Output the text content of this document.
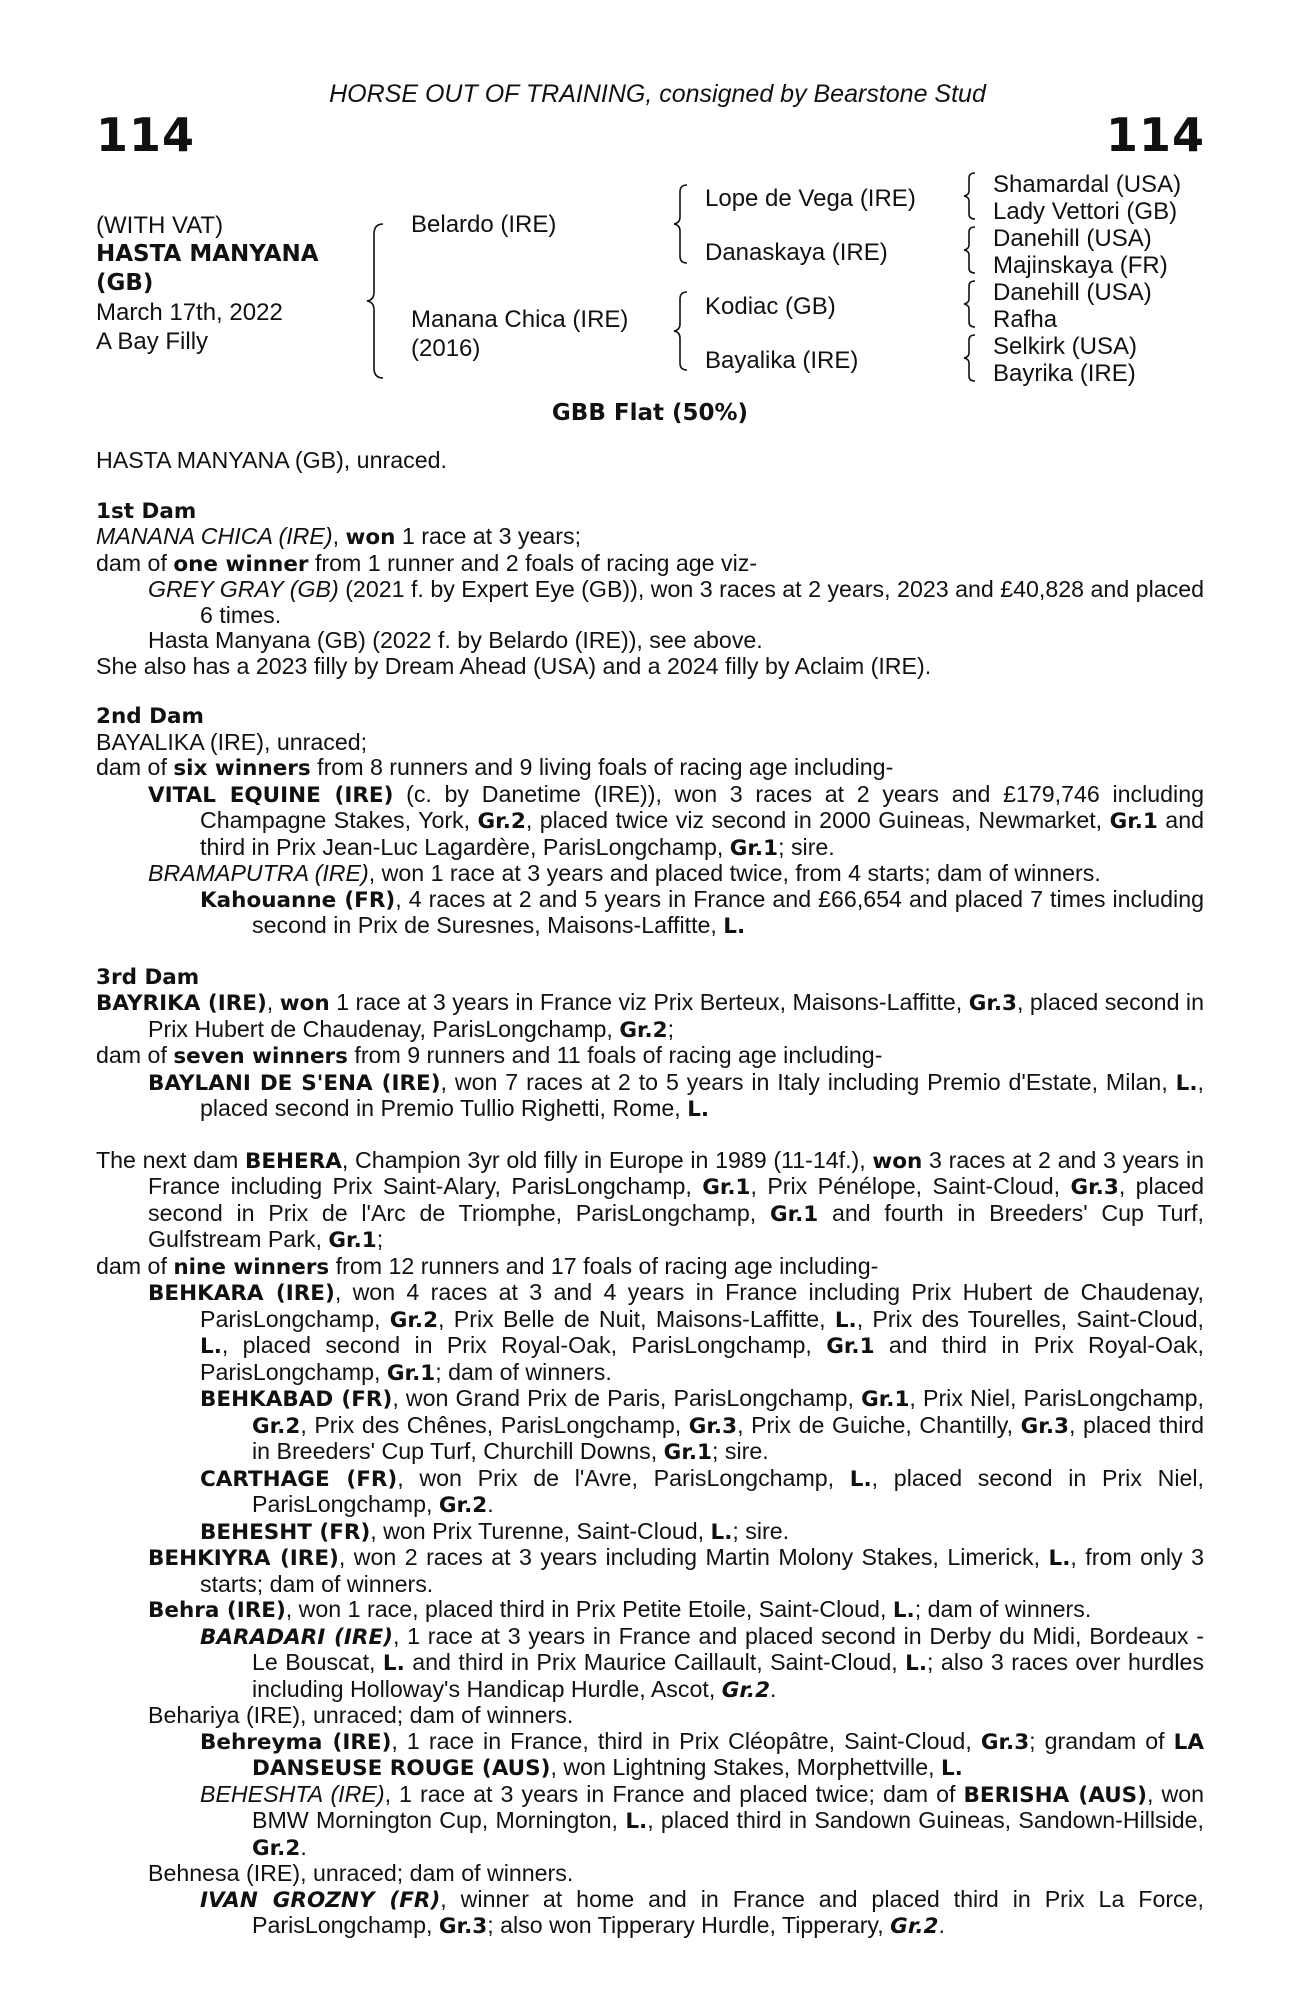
HORSE OUT OF TRAINING, consigned by Bearstone Stud
114	114
(WITH VAT)
HASTA MANYANA
(GB)
March 17th, 2022
A Bay Filly
Belardo (IRE)
Manana Chica (IRE)
(2016)
Lope de Vega (IRE)
Danaskaya (IRE)
Kodiac (GB)
Bayalika (IRE)
Shamardal (USA)
Lady Vettori (GB)
Danehill (USA)
Majinskaya (FR)
Danehill (USA)
Rafha
Selkirk (USA)
Bayrika (IRE)
GBB Flat (50%)

HASTA MANYANA (GB), unraced.

1st Dam

MANANA CHICA (IRE), won 1 race at 3 years;

dam of one winner from 1 runner and 2 foals of racing age viz-

GREY GRAY (GB) (2021 f. by Expert Eye (GB)), won 3 races at 2 years, 2023 and £40,828 and placed 6 times.

Hasta Manyana (GB) (2022 f. by Belardo (IRE)), see above.

She also has a 2023 filly by Dream Ahead (USA) and a 2024 filly by Aclaim (IRE).

2nd Dam

BAYALIKA (IRE), unraced;

dam of six winners from 8 runners and 9 living foals of racing age including-

VITAL EQUINE (IRE) (c. by Danetime (IRE)), won 3 races at 2 years and £179,746 including Champagne Stakes, York, Gr.2, placed twice viz second in 2000 Guineas, Newmarket, Gr.1 and third in Prix Jean-Luc Lagardère, ParisLongchamp, Gr.1; sire.

BRAMAPUTRA (IRE), won 1 race at 3 years and placed twice, from 4 starts; dam of winners.

Kahouanne (FR), 4 races at 2 and 5 years in France and £66,654 and placed 7 times including second in Prix de Suresnes, Maisons-Laffitte, L.

3rd Dam

BAYRIKA (IRE), won 1 race at 3 years in France viz Prix Berteux, Maisons-Laffitte, Gr.3, placed second in Prix Hubert de Chaudenay, ParisLongchamp, Gr.2;

dam of seven winners from 9 runners and 11 foals of racing age including-

BAYLANI DE S'ENA (IRE), won 7 races at 2 to 5 years in Italy including Premio d'Estate, Milan, L., placed second in Premio Tullio Righetti, Rome, L.

The next dam BEHERA, Champion 3yr old filly in Europe in 1989 (11-14f.), won 3 races at 2 and 3 years in France including Prix Saint-Alary, ParisLongchamp, Gr.1, Prix Pénélope, Saint-Cloud, Gr.3, placed second in Prix de l'Arc de Triomphe, ParisLongchamp, Gr.1 and fourth in Breeders' Cup Turf, Gulfstream Park, Gr.1;

dam of nine winners from 12 runners and 17 foals of racing age including-

BEHKARA (IRE), won 4 races at 3 and 4 years in France including Prix Hubert de Chaudenay, ParisLongchamp, Gr.2, Prix Belle de Nuit, Maisons-Laffitte, L., Prix des Tourelles, Saint-Cloud, L., placed second in Prix Royal-Oak, ParisLongchamp, Gr.1 and third in Prix Royal-Oak, ParisLongchamp, Gr.1; dam of winners.

BEHKABAD (FR), won Grand Prix de Paris, ParisLongchamp, Gr.1, Prix Niel, ParisLongchamp, Gr.2, Prix des Chênes, ParisLongchamp, Gr.3, Prix de Guiche, Chantilly, Gr.3, placed third in Breeders' Cup Turf, Churchill Downs, Gr.1; sire.

CARTHAGE (FR), won Prix de l'Avre, ParisLongchamp, L., placed second in Prix Niel, ParisLongchamp, Gr.2.

BEHESHT (FR), won Prix Turenne, Saint-Cloud, L.; sire.

BEHKIYRA (IRE), won 2 races at 3 years including Martin Molony Stakes, Limerick, L., from only 3 starts; dam of winners.

Behra (IRE), won 1 race, placed third in Prix Petite Etoile, Saint-Cloud, L.; dam of winners.

BARADARI (IRE), 1 race at 3 years in France and placed second in Derby du Midi, Bordeaux - Le Bouscat, L. and third in Prix Maurice Caillault, Saint-Cloud, L.; also 3 races over hurdles including Holloway's Handicap Hurdle, Ascot, Gr.2.

Behariya (IRE), unraced; dam of winners.

Behreyma (IRE), 1 race in France, third in Prix Cléopâtre, Saint-Cloud, Gr.3; grandam of LA DANSEUSE ROUGE (AUS), won Lightning Stakes, Morphettville, L.

BEHESHTA (IRE), 1 race at 3 years in France and placed twice; dam of BERISHA (AUS), won BMW Mornington Cup, Mornington, L., placed third in Sandown Guineas, Sandown-Hillside, Gr.2.

Behnesa (IRE), unraced; dam of winners.

IVAN GROZNY (FR), winner at home and in France and placed third in Prix La Force, ParisLongchamp, Gr.3; also won Tipperary Hurdle, Tipperary, Gr.2.
